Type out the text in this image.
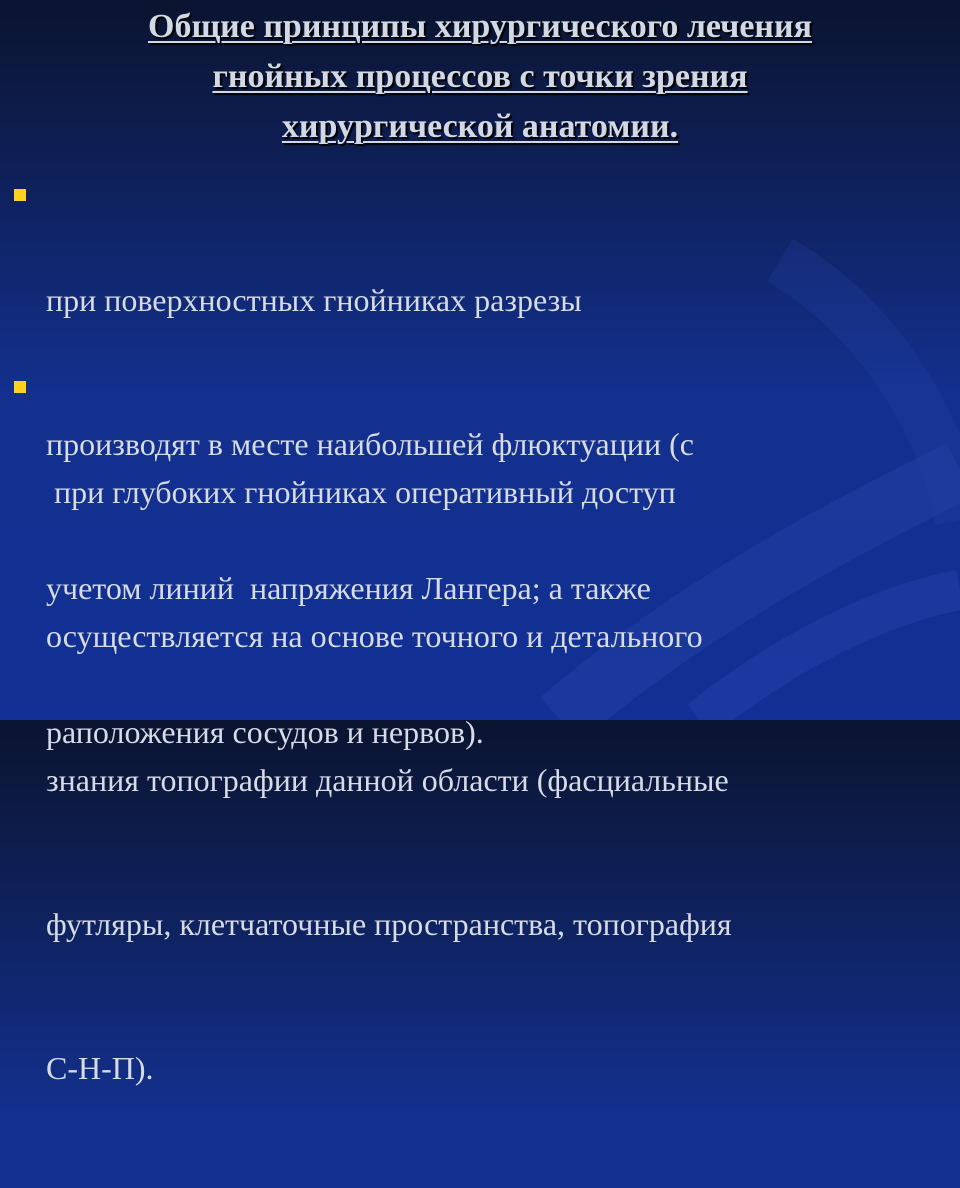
Общие принципы хирургического лечения
гнойных процессов с точки зрения
хирургической анатомии.

при поверхностных гнойниках разрезы

производят в месте наибольшей флюктуации (с

учетом линий  напряжения Лангера; а также

раположения сосудов и нервов).

при глубоких гнойниках оперативный доступ

осуществляется на основе точного и детального

знания топографии данной области (фасциальные

футляры, клетчаточные пространства, топография

С-Н-П).
